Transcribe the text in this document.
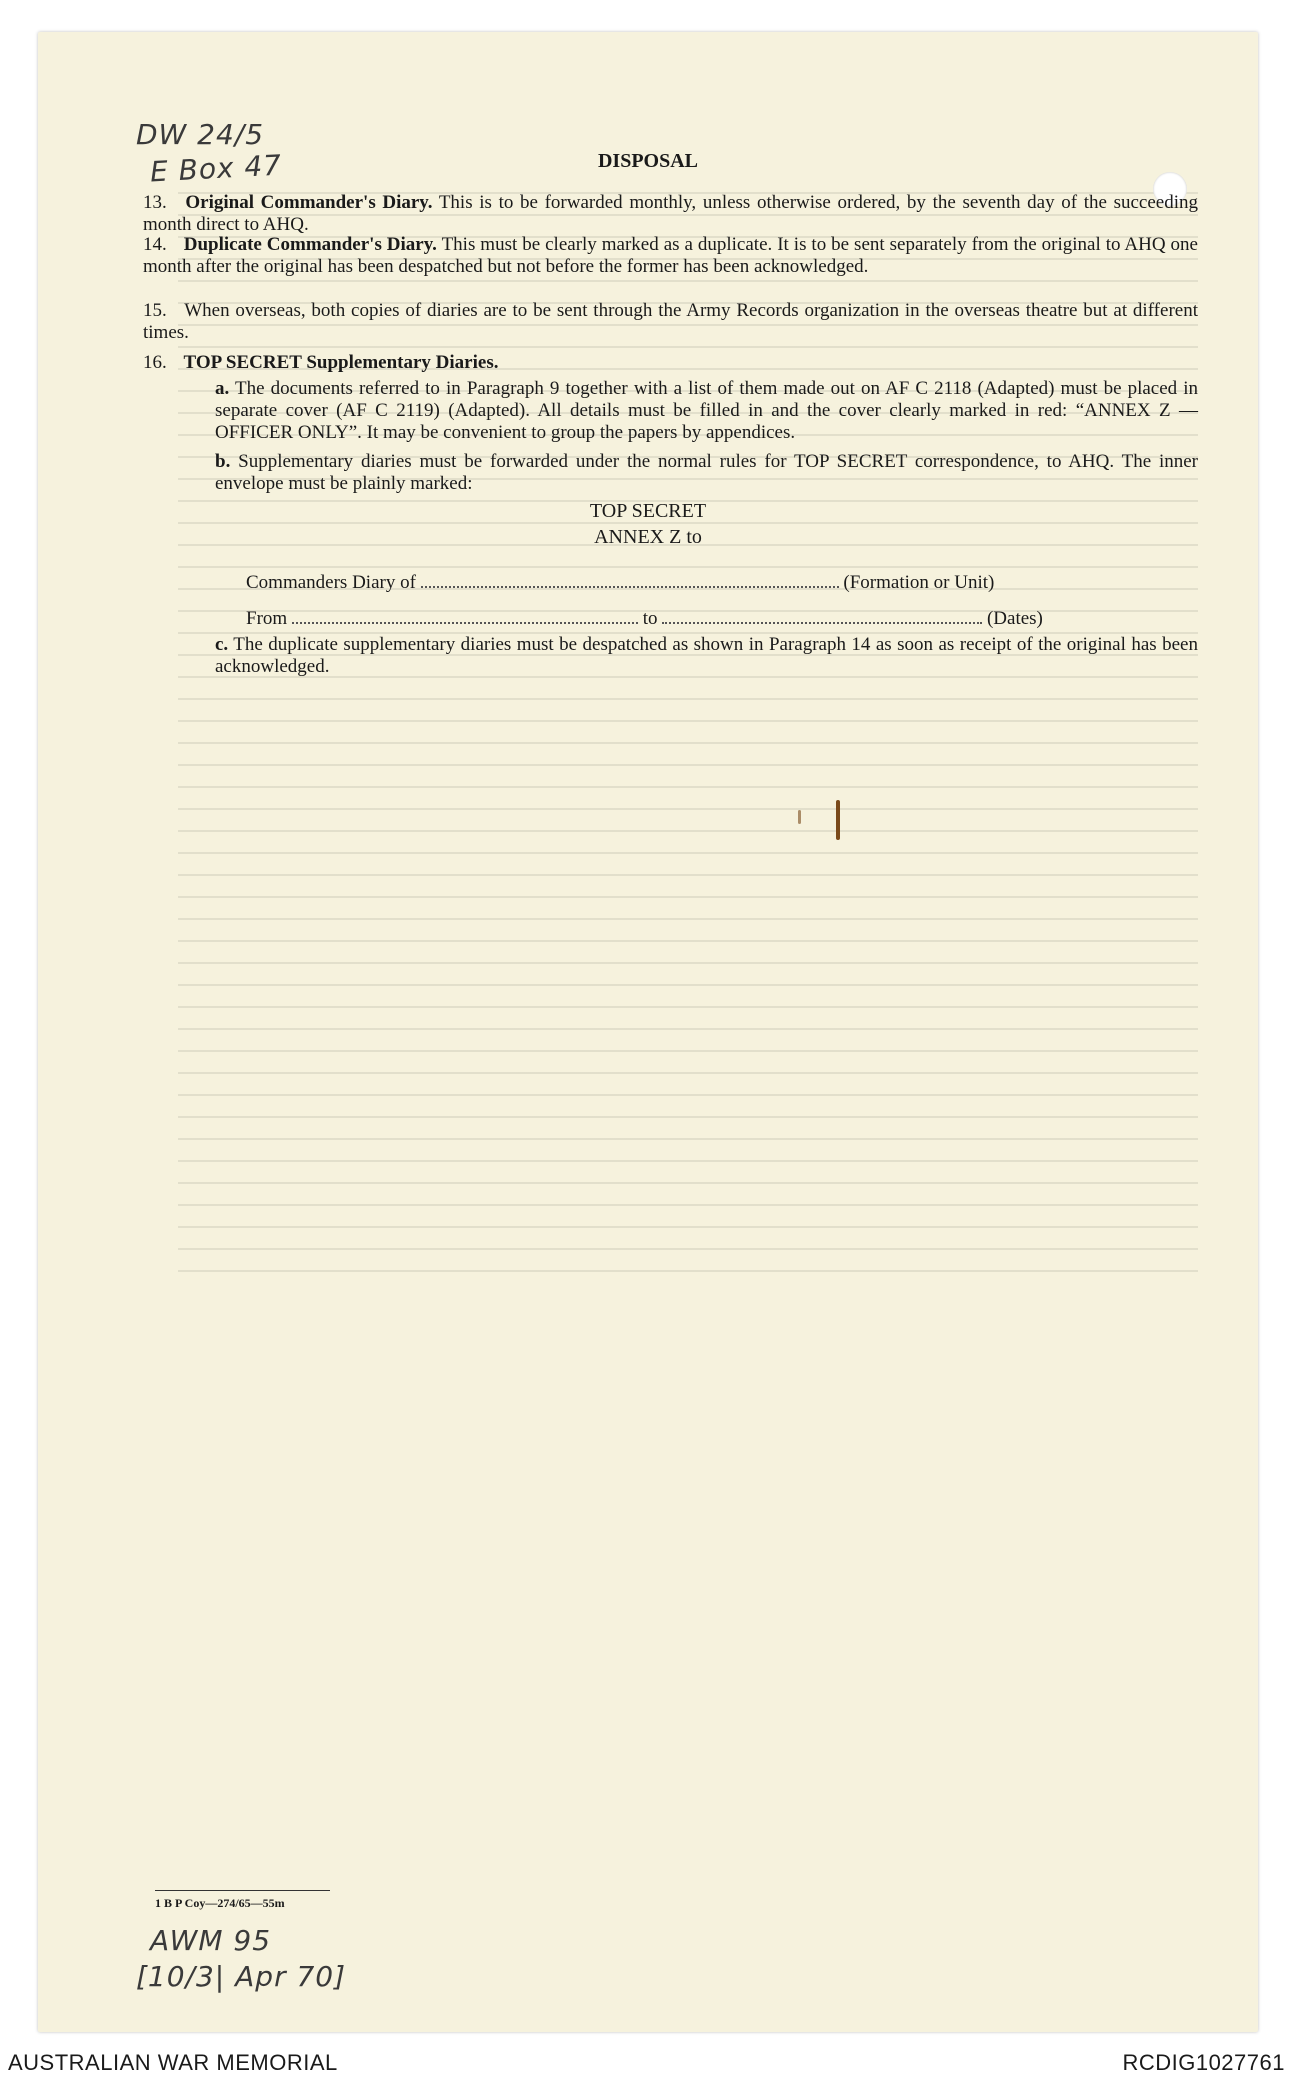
DW 24/5
E Box 47	DISPOSAL

13. Original Commander's Diary. This is to be forwarded monthly, unless otherwise ordered, by the seventh day of the succeeding month direct to AHQ.

14. Duplicate Commander's Diary. This must be clearly marked as a duplicate. It is to be sent separately from the original to AHQ one month after the original has been despatched but not before the former has been acknowledged.

15. When overseas, both copies of diaries are to be sent through the Army Records organization in the overseas theatre but at different times.

16. TOP SECRET Supplementary Diaries.

a. The documents referred to in Paragraph 9 together with a list of them made out on AF C 2118 (Adapted) must be placed in separate cover (AF C 2119) (Adapted). All details must be filled in and the cover clearly marked in red: “ANNEX Z — OFFICER ONLY”. It may be convenient to group the papers by appendices.

b. Supplementary diaries must be forwarded under the normal rules for TOP SECRET correspondence, to AHQ. The inner envelope must be plainly marked:

TOP SECRET
ANNEX Z to
Commanders Diary of	(Formation or Unit)
From	to	(Dates)

c. The duplicate supplementary diaries must be despatched as shown in Paragraph 14 as soon as receipt of the original has been acknowledged.

1 B P Coy—274/65—55m
AWM 95
[10/3| Apr 70]
AUSTRALIAN WAR MEMORIAL	RCDIG1027761
